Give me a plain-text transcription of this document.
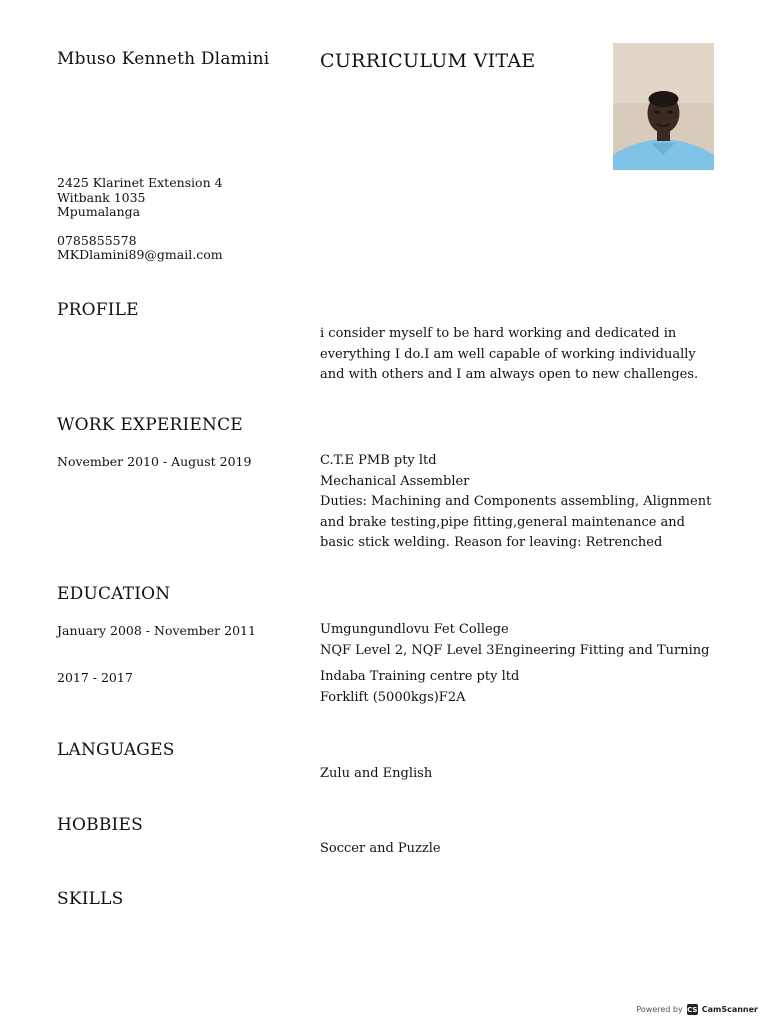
Mbuso Kenneth Dlamini	CURRICULUM VITAE
2425 Klarinet Extension 4
Witbank 1035
Mpumalanga
0785855578
MKDlamini89@gmail.com
PROFILE
i consider myself to be hard working and dedicated in everything I do.I am well capable of working individually and with others and I am always open to new challenges.
WORK EXPERIENCE
November 2010 - August 2019	C.T.E PMB pty ltd
Mechanical Assembler
Duties: Machining and Components assembling, Alignment and brake testing,pipe fitting,general maintenance and basic stick welding. Reason for leaving: Retrenched
EDUCATION
January 2008 - November 2011	Umgungundlovu Fet College
NQF Level 2, NQF Level 3Engineering Fitting and Turning
2017 - 2017	Indaba Training centre pty ltd
Forklift (5000kgs)F2A
LANGUAGES
Zulu and English
HOBBIES
Soccer and Puzzle
SKILLS
Powered by CS CamScanner
